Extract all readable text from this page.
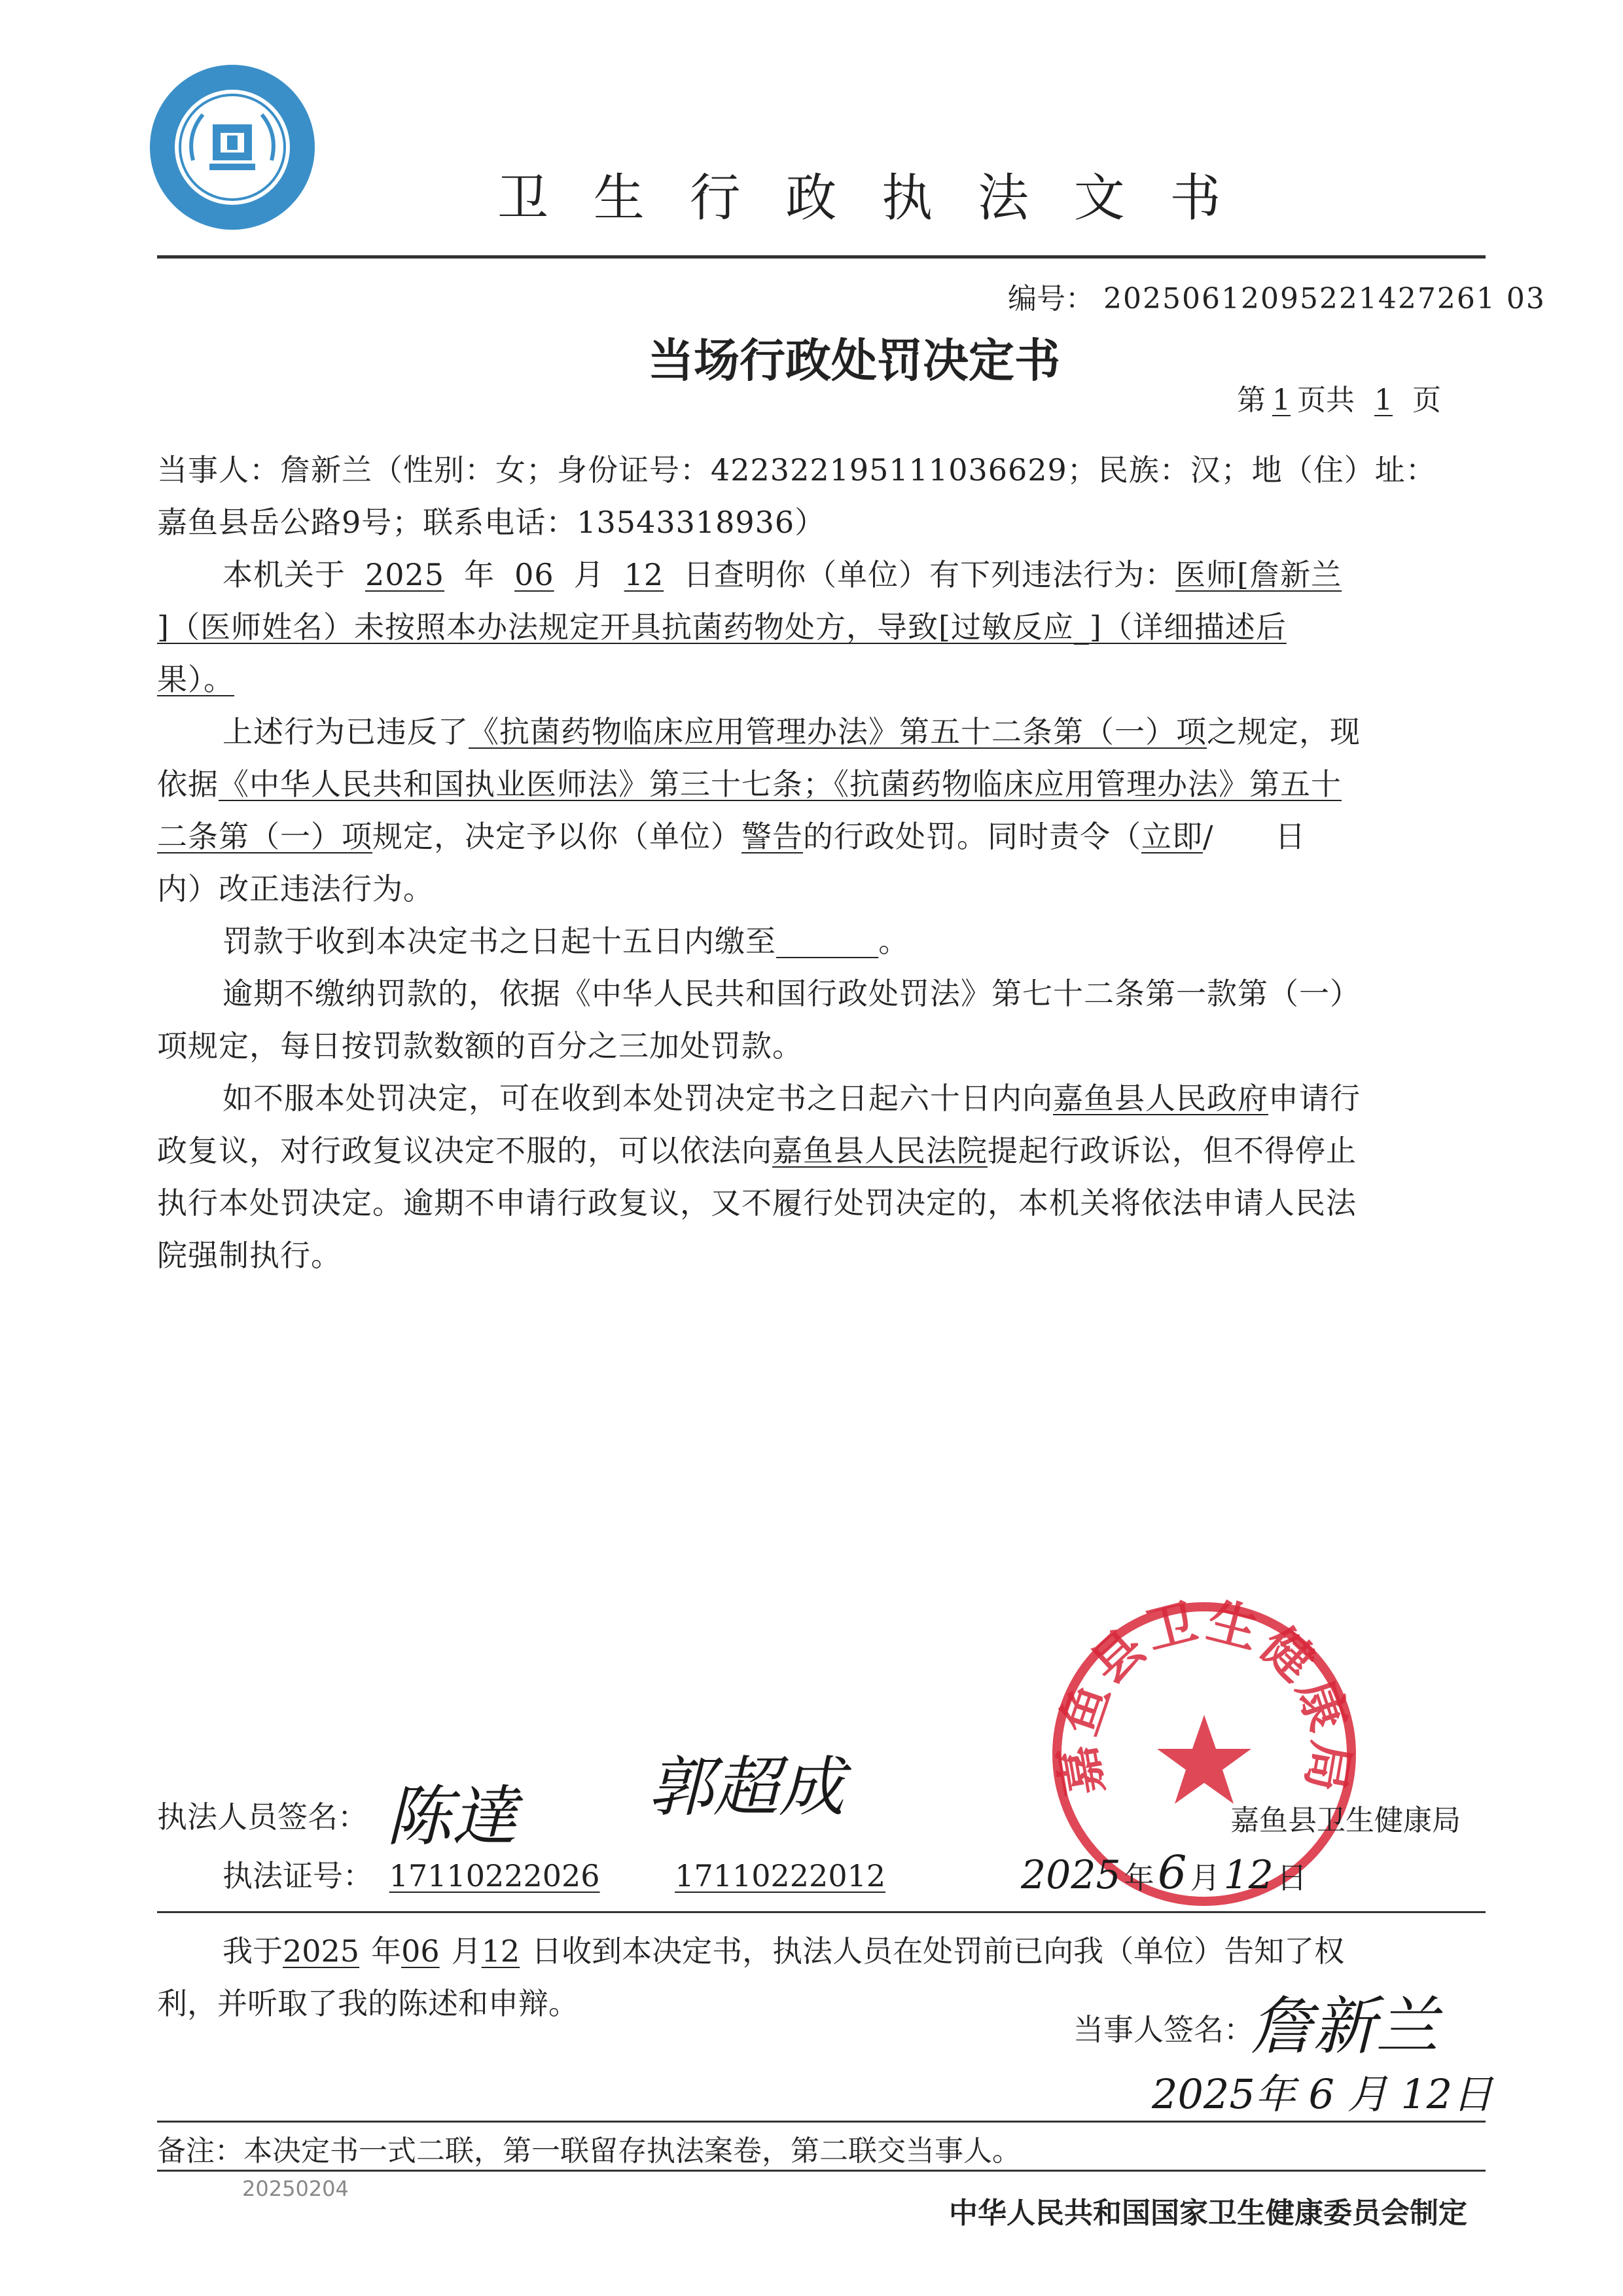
卫 生 行 政 执 法 文 书
编号： 20250612095221427261 03
当场行政处罚决定书
第 1 页共 1 页
当事人：詹新兰（性别：女；身份证号：422322195111036629；民族：汉；地（住）址：
嘉鱼县岳公路9号；联系电话：13543318936）
本机关于 2025 年 06 月 12 日查明你（单位）有下列违法行为：医师[詹新兰
]（医师姓名）未按照本办法规定开具抗菌药物处方，导致[过敏反应_]（详细描述后
果）。
上述行为已违反了《抗菌药物临床应用管理办法》第五十二条第（一）项之规定，现
依据《中华人民共和国执业医师法》第三十七条；《抗菌药物临床应用管理办法》第五十
二条第（一）项规定，决定予以你（单位）警告的行政处罚。同时责令（立即/      日
内）改正违法行为。
罚款于收到本决定书之日起十五日内缴至	。
逾期不缴纳罚款的，依据《中华人民共和国行政处罚法》第七十二条第一款第（一）
项规定，每日按罚款数额的百分之三加处罚款。
如不服本处罚决定，可在收到本处罚决定书之日起六十日内向嘉鱼县人民政府申请行
政复议，对行政复议决定不服的，可以依法向嘉鱼县人民法院提起行政诉讼，但不得停止
执行本处罚决定。逾期不申请行政复议，又不履行处罚决定的，本机关将依法申请人民法
院强制执行。
执法人员签名： 陈達 郭超成
执法证号： 17110222026 17110222012
嘉鱼县卫生健康局
嘉鱼县卫生健康局
2025 年 6 月 12 日
我于2025 年06 月12 日收到本决定书，执法人员在处罚前已向我（单位）告知了权
利，并听取了我的陈述和申辩。
当事人签名：
詹新兰
2025年 6 月 12日
备注：本决定书一式二联，第一联留存执法案卷，第二联交当事人。
20250204
中华人民共和国国家卫生健康委员会制定
